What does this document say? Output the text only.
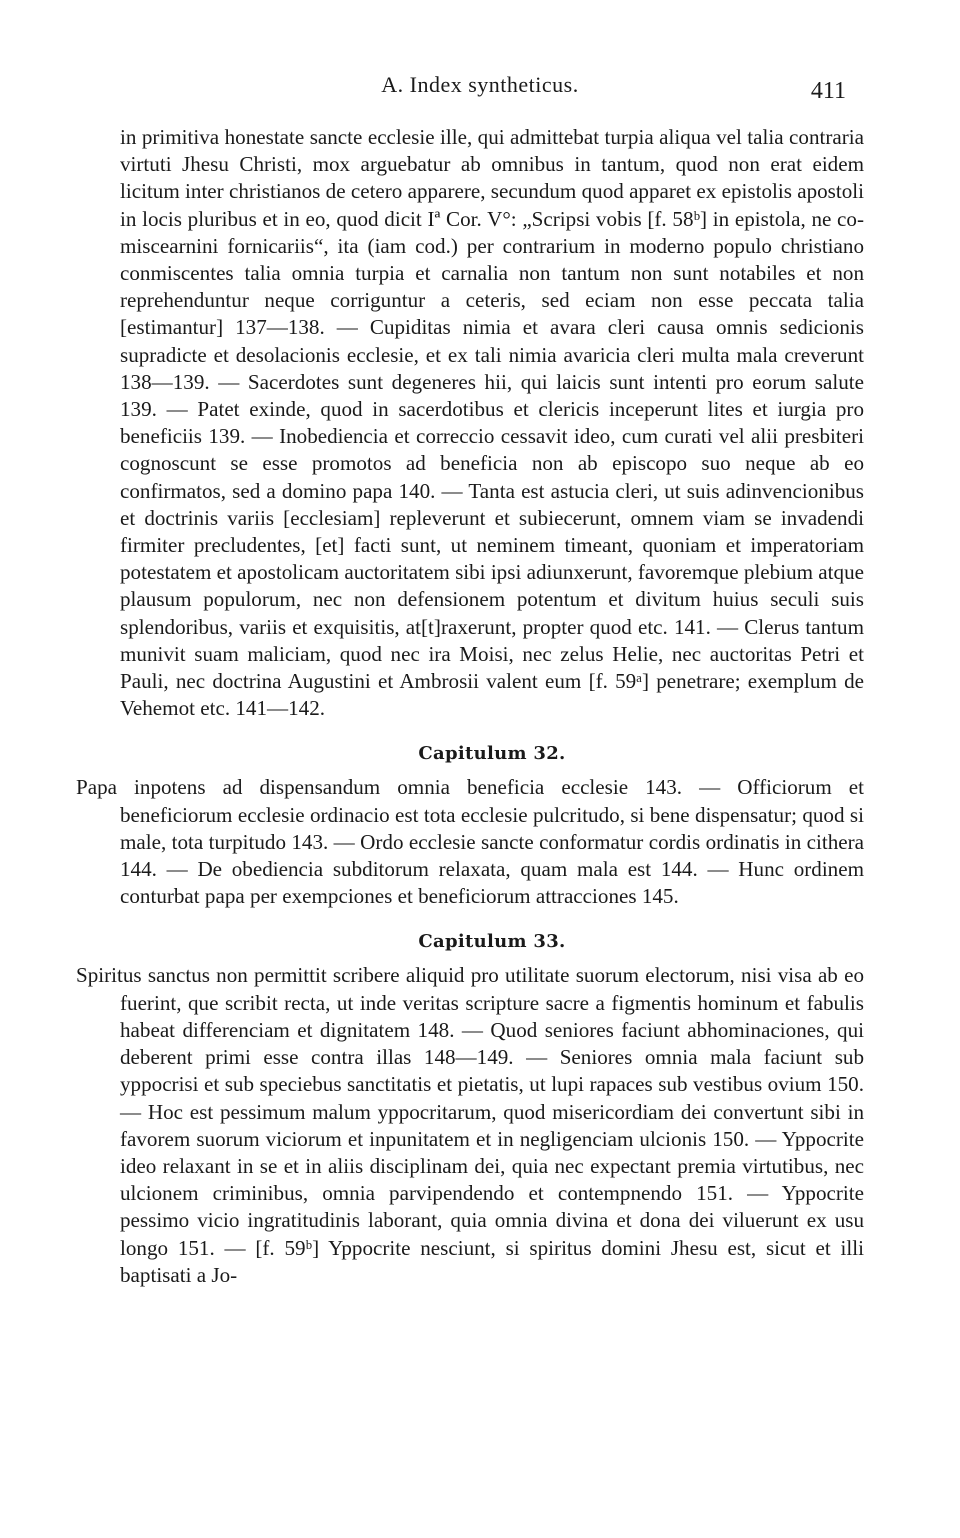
A. Index syntheticus.	411

in primitiva honestate sancte ecclesie ille, qui admittebat turpia aliqua vel talia contraria virtuti Jhesu Christi, mox arguebatur ab omnibus in tantum, quod non erat eidem licitum inter christianos de cetero apparere, secundum quod apparet ex epistolis apostoli in locis pluribus et in eo, quod dicit Iª Cor. V°: „Scripsi vobis [f. 58ᵇ] in epistola, ne comiscearnini fornicariis“, ita (iam cod.) per contrarium in moderno populo christiano conmiscentes talia omnia turpia et carnalia non tantum non sunt notabiles et non reprehenduntur neque corriguntur a ceteris, sed eciam non esse peccata talia [estimantur] 137—138. — Cupiditas nimia et avara cleri causa omnis sedicionis supradicte et desolacionis ecclesie, et ex tali nimia avaricia cleri multa mala creverunt 138—139. — Sacerdotes sunt degeneres hii, qui laicis sunt intenti pro eorum salute 139. — Patet exinde, quod in sacerdotibus et clericis inceperunt lites et iurgia pro beneficiis 139. — Inobediencia et correccio cessavit ideo, cum curati vel alii presbiteri cognoscunt se esse promotos ad beneficia non ab episcopo suo neque ab eo confirmatos, sed a domino papa 140. — Tanta est astucia cleri, ut suis adinvencionibus et doctrinis variis [ecclesiam] repleverunt et subiecerunt, omnem viam se invadendi firmiter precludentes, [et] facti sunt, ut neminem timeant, quoniam et imperatoriam potestatem et apostolicam auctoritatem sibi ipsi adiunxerunt, favoremque plebium atque plausum populorum, nec non defensionem potentum et divitum huius seculi suis splendoribus, variis et exquisitis, at[t]raxerunt, propter quod etc. 141. — Clerus tantum munivit suam maliciam, quod nec ira Moisi, nec zelus Helie, nec auctoritas Petri et Pauli, nec doctrina Augustini et Ambrosii valent eum [f. 59ᵃ] penetrare; exemplum de Vehemot etc. 141—142.

Capitulum 32.

Papa inpotens ad dispensandum omnia beneficia ecclesie 143. — Officiorum et beneficiorum ecclesie ordinacio est tota ecclesie pulcritudo, si bene dispensatur; quod si male, tota turpitudo 143. — Ordo ecclesie sancte conformatur cordis ordinatis in cithera 144. — De obediencia subditorum relaxata, quam mala est 144. — Hunc ordinem conturbat papa per exempciones et beneficiorum attracciones 145.

Capitulum 33.

Spiritus sanctus non permittit scribere aliquid pro utilitate suorum electorum, nisi visa ab eo fuerint, que scribit recta, ut inde veritas scripture sacre a figmentis hominum et fabulis habeat differenciam et dignitatem 148. — Quod seniores faciunt abhominaciones, qui deberent primi esse contra illas 148—149. — Seniores omnia mala faciunt sub yppocrisi et sub speciebus sanctitatis et pietatis, ut lupi rapaces sub vestibus ovium 150. — Hoc est pessimum malum yppocritarum, quod misericordiam dei convertunt sibi in favorem suorum viciorum et inpunitatem et in negligenciam ulcionis 150. — Yppocrite ideo relaxant in se et in aliis disciplinam dei, quia nec expectant premia virtutibus, nec ulcionem criminibus, omnia parvipendendo et contempnendo 151. — Yppocrite pessimo vicio ingratitudinis laborant, quia omnia divina et dona dei viluerunt ex usu longo 151. — [f. 59ᵇ] Yppocrite nesciunt, si spiritus domini Jhesu est, sicut et illi baptisati a Jo-
